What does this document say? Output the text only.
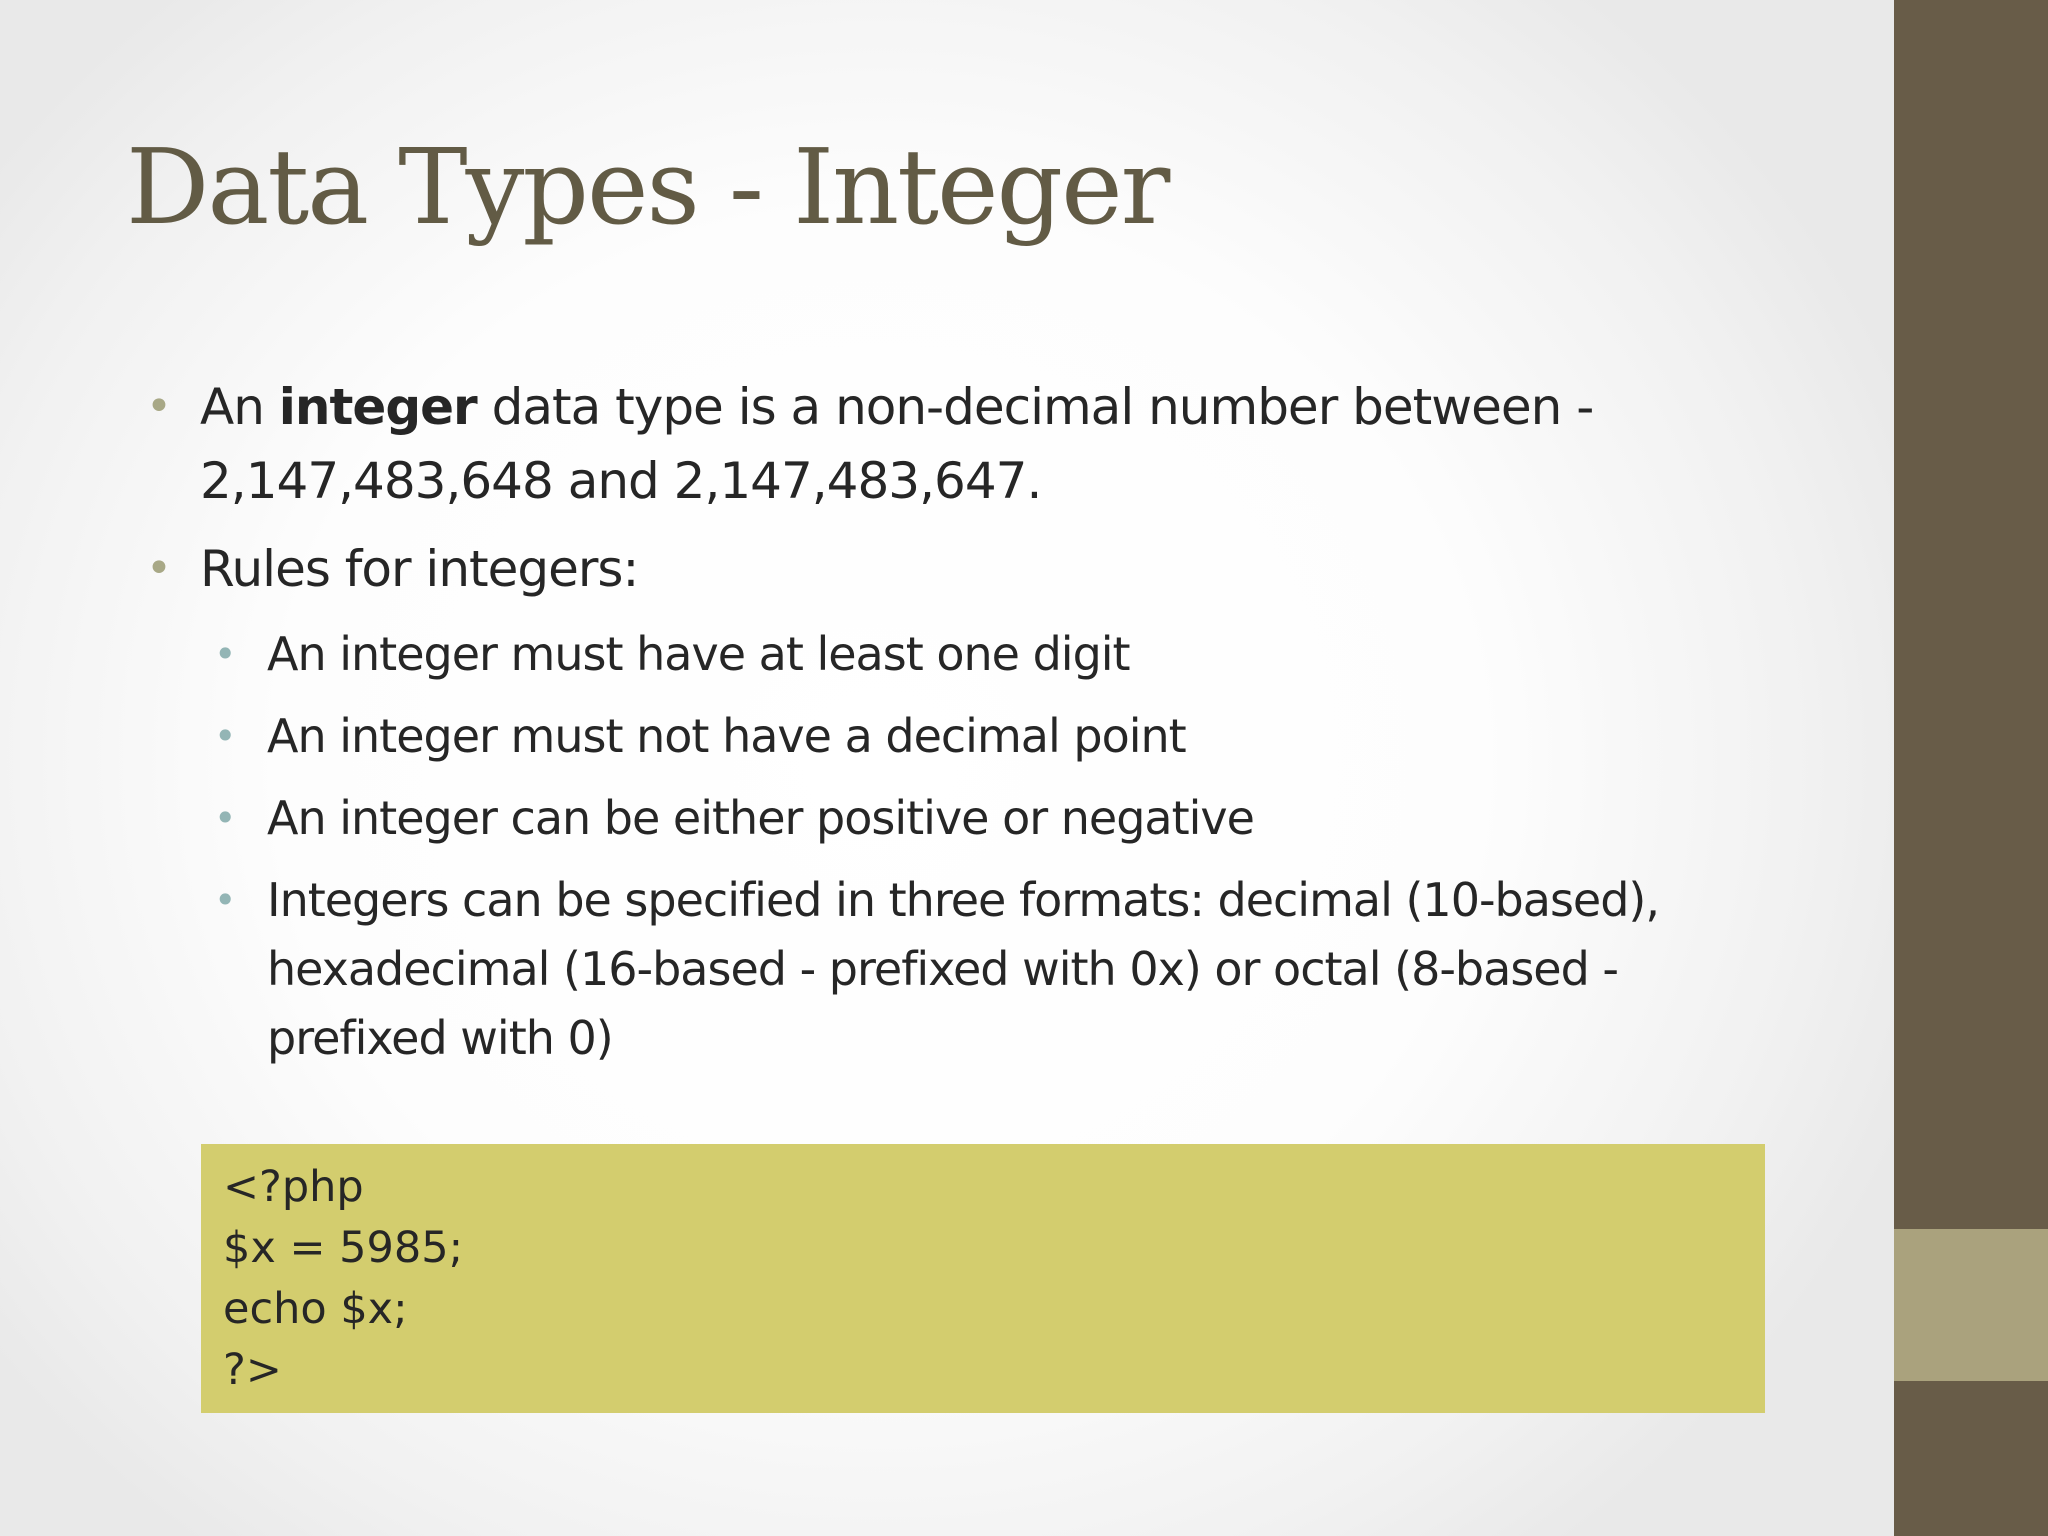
Data Types - Integer
• An integer data type is a non-decimal number between -
2,147,483,648 and 2,147,483,647.
• Rules for integers:
• An integer must have at least one digit
• An integer must not have a decimal point
• An integer can be either positive or negative
• Integers can be specified in three formats: decimal (10-based),
hexadecimal (16-based - prefixed with 0x) or octal (8-based -
prefixed with 0)
<?php
$x = 5985;
echo $x;
?>
